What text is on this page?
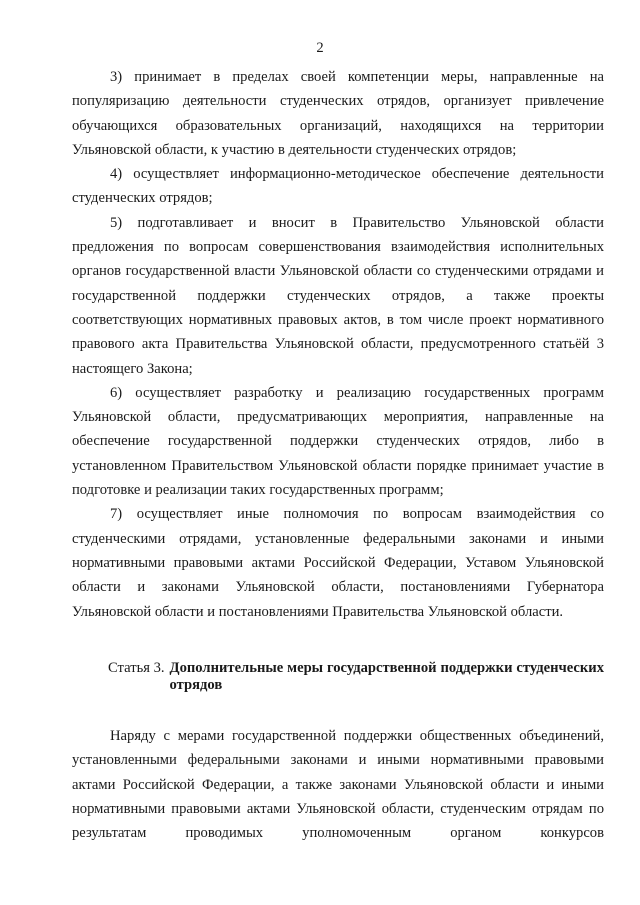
2

3) принимает в пределах своей компетенции меры, направленные на популяризацию деятельности студенческих отрядов, организует привлечение обучающихся образовательных организаций, находящихся на территории Ульяновской области, к участию в деятельности студенческих отрядов;

4) осуществляет информационно-методическое обеспечение деятельности студенческих отрядов;

5) подготавливает и вносит в Правительство Ульяновской области предложения по вопросам совершенствования взаимодействия исполнительных органов государственной власти Ульяновской области со студенческими отрядами и государственной поддержки студенческих отрядов, а также проекты соответствующих нормативных правовых актов, в том числе проект нормативного правового акта Правительства Ульяновской области, предусмотренного статьёй 3 настоящего Закона;

6) осуществляет разработку и реализацию государственных программ Ульяновской области, предусматривающих мероприятия, направленные на обеспечение государственной поддержки студенческих отрядов, либо в установленном Правительством Ульяновской области порядке принимает участие в подготовке и реализации таких государственных программ;

7) осуществляет иные полномочия по вопросам взаимодействия со студенческими отрядами, установленные федеральными законами и иными нормативными правовыми актами Российской Федерации, Уставом Ульяновской области и законами Ульяновской области, постановлениями Губернатора Ульяновской области и постановлениями Правительства Ульяновской области.

Статья 3. Дополнительные меры государственной поддержки студенческих отрядов

Наряду с мерами государственной поддержки общественных объединений, установленными федеральными законами и иными нормативными правовыми актами Российской Федерации, а также законами Ульяновской области и иными нормативными правовыми актами Ульяновской области, студенческим отрядам по результатам проводимых уполномоченным органом конкурсов
